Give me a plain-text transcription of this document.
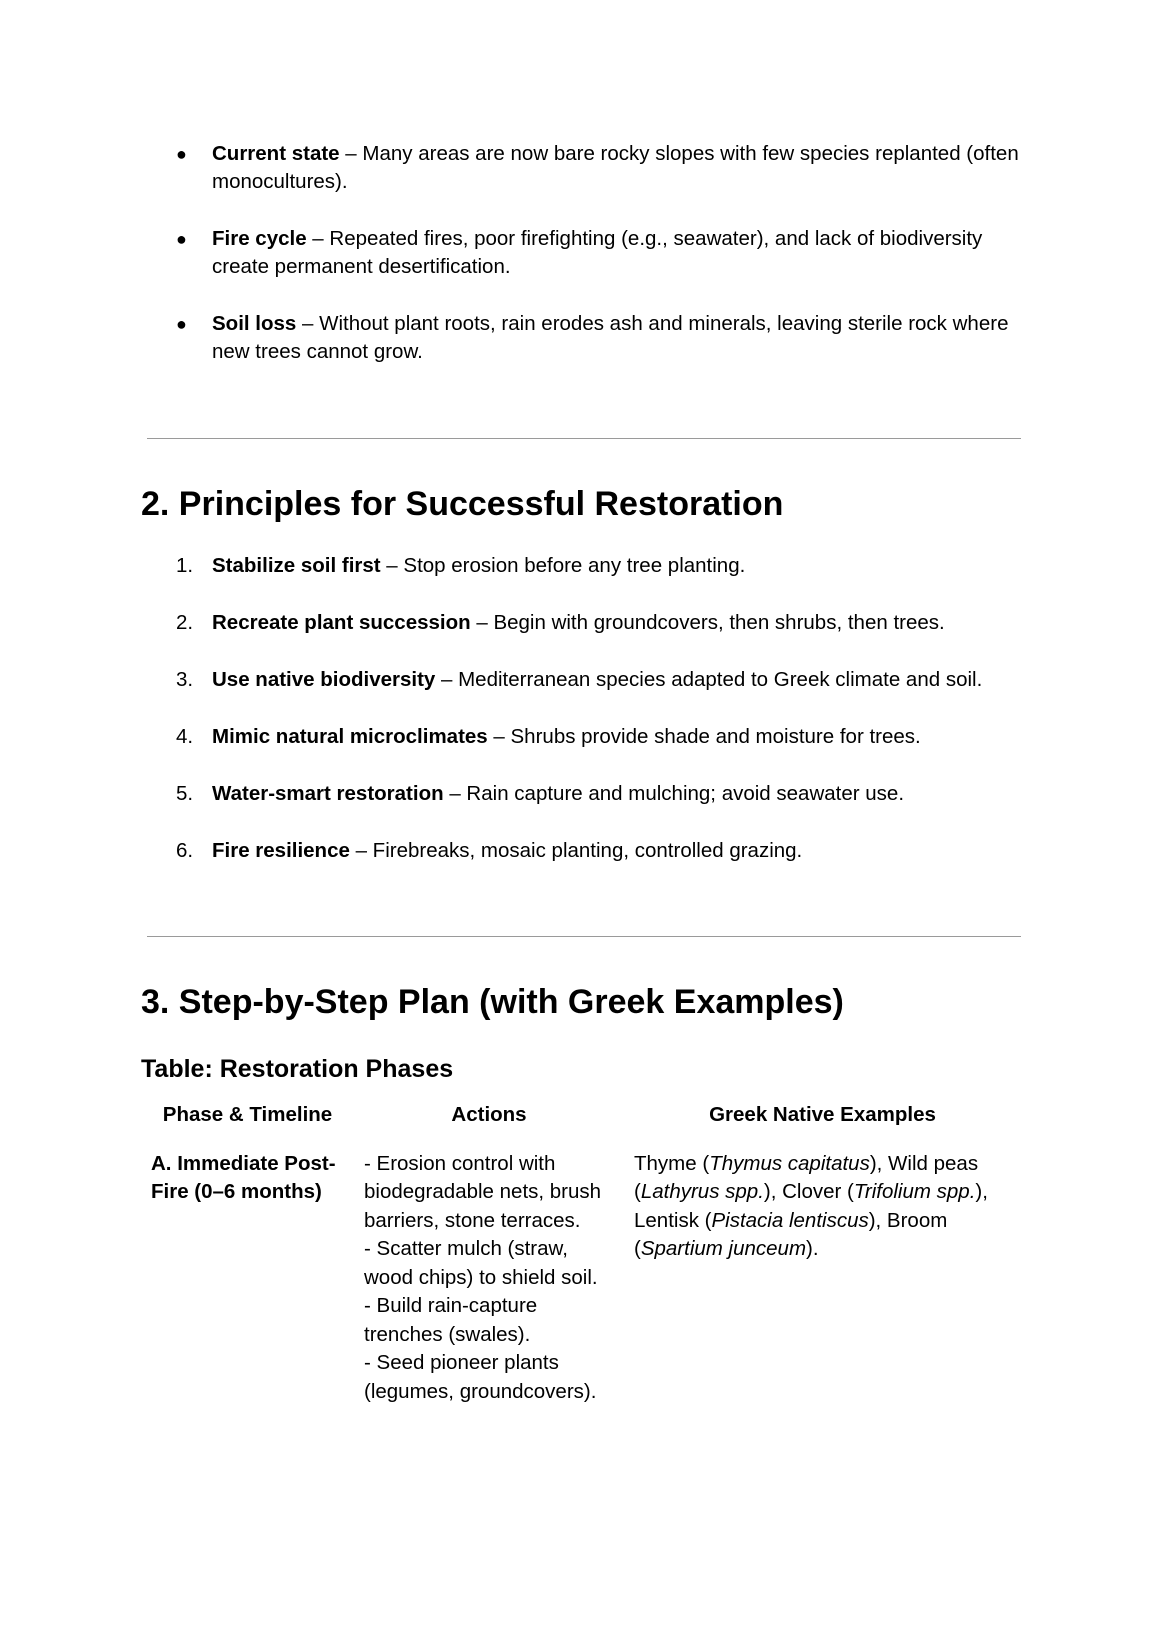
●	Current state – Many areas are now bare rocky slopes with few species replanted (often monocultures).
●	Fire cycle – Repeated fires, poor firefighting (e.g., seawater), and lack of biodiversity create permanent desertification.
●	Soil loss – Without plant roots, rain erodes ash and minerals, leaving sterile rock where new trees cannot grow.
2. Principles for Successful Restoration
1. Stabilize soil first – Stop erosion before any tree planting.
2. Recreate plant succession – Begin with groundcovers, then shrubs, then trees.
3. Use native biodiversity – Mediterranean species adapted to Greek climate and soil.
4. Mimic natural microclimates – Shrubs provide shade and moisture for trees.
5. Water-smart restoration – Rain capture and mulching; avoid seawater use.
6. Fire resilience – Firebreaks, mosaic planting, controlled grazing.
3. Step-by-Step Plan (with Greek Examples)
Table: Restoration Phases
Phase & Timeline	Actions	Greek Native Examples
A. Immediate Post-Fire (0–6 months)	- Erosion control with biodegradable nets, brush barriers, stone terraces.
- Scatter mulch (straw, wood chips) to shield soil.
- Build rain-capture trenches (swales).
- Seed pioneer plants (legumes, groundcovers).	Thyme (Thymus capitatus), Wild peas (Lathyrus spp.), Clover (Trifolium spp.), Lentisk (Pistacia lentiscus), Broom (Spartium junceum).
